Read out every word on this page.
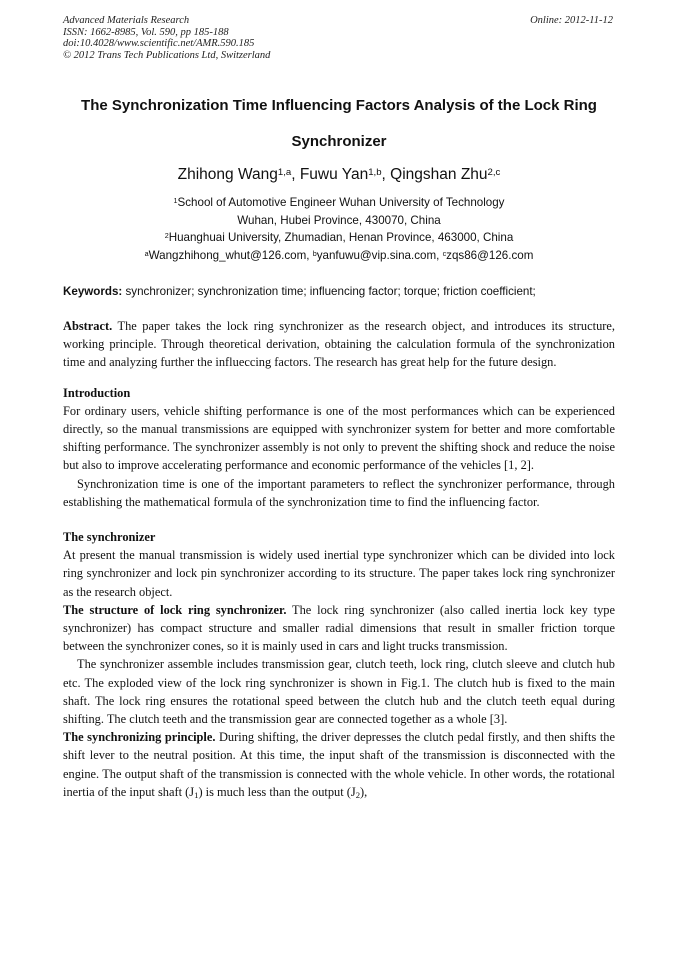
Advanced Materials Research
ISSN: 1662-8985, Vol. 590, pp 185-188
doi:10.4028/www.scientific.net/AMR.590.185
© 2012 Trans Tech Publications Ltd, Switzerland
Online: 2012-11-12
The Synchronization Time Influencing Factors Analysis of the Lock Ring
Synchronizer
Zhihong Wang$^{1,a}$, Fuwu Yan$^{1,b}$, Qingshan Zhu$^{2,c}$
$^1$School of Automotive Engineer Wuhan University of Technology
Wuhan, Hubei Province, 430070, China
$^2$Huanghuai University, Zhumadian, Henan Province, 463000, China
$^a$Wangzhihong_whut@126.com, $^b$yanfuwu@vip.sina.com, $^c$zqs86@126.com
Keywords: synchronizer; synchronization time; influencing factor; torque; friction coefficient;

Abstract. The paper takes the lock ring synchronizer as the research object, and introduces its structure, working principle. Through theoretical derivation, obtaining the calculation formula of the synchronization time and analyzing further the influeccing factors. The research has great help for the future design.

Introduction

For ordinary users, vehicle shifting performance is one of the most performances which can be experienced directly, so the manual transmissions are equipped with synchronizer system for better and more comfortable shifting performance. The synchronizer assembly is not only to prevent the shifting shock and reduce the noise but also to improve accelerating performance and economic performance of the vehicles [1, 2].

Synchronization time is one of the important parameters to reflect the synchronizer performance, through establishing the mathematical formula of the synchronization time to find the influencing factor.

The synchronizer

At present the manual transmission is widely used inertial type synchronizer which can be divided into lock ring synchronizer and lock pin synchronizer according to its structure. The paper takes lock ring synchronizer as the research object.

The structure of lock ring synchronizer. The lock ring synchronizer (also called inertia lock key type synchronizer) has compact structure and smaller radial dimensions that result in smaller friction torque between the synchronizer cones, so it is mainly used in cars and light trucks transmission.

The synchronizer assemble includes transmission gear, clutch teeth, lock ring, clutch sleeve and clutch hub etc. The exploded view of the lock ring synchronizer is shown in Fig.1. The clutch hub is fixed to the main shaft. The lock ring ensures the rotational speed between the clutch hub and the clutch teeth equal during shifting. The clutch teeth and the transmission gear are connected together as a whole [3].

The synchronizing principle. During shifting, the driver depresses the clutch pedal firstly, and then shifts the shift lever to the neutral position. At this time, the input shaft of the transmission is disconnected with the engine. The output shaft of the transmission is connected with the whole vehicle. In other words, the rotational inertia of the input shaft $(J_1)$ is much less than the output $(J_2)$,
